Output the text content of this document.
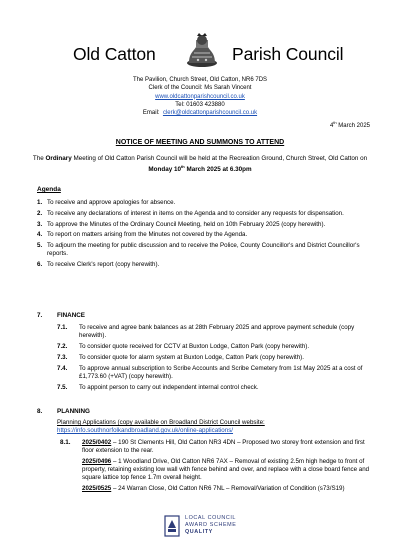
Old Catton	Parish Council
The Pavilion, Church Street, Old Catton, NR6 7DS
Clerk of the Council: Ms Sarah Vincent
www.oldcattonparishcouncil.co.uk
Tel: 01603 423880
Email: clerk@oldcattonparishcouncil.co.uk
4th March 2025
NOTICE OF MEETING AND SUMMONS TO ATTEND
The Ordinary Meeting of Old Catton Parish Council will be held at the Recreation Ground, Church Street, Old Catton on Monday 10th March 2025 at 6.30pm
Agenda
1. To receive and approve apologies for absence.
2. To receive any declarations of interest in items on the Agenda and to consider any requests for dispensation.
3. To approve the Minutes of the Ordinary Council Meeting, held on 10th February 2025 (copy herewith).
4. To report on matters arising from the Minutes not covered by the Agenda.
5. To adjourn the meeting for public discussion and to receive the Police, County Councillor's and District Councillor's reports.
6. To receive Clerk's report (copy herewith).
7. FINANCE
7.1. To receive and agree bank balances as at 28th February 2025 and approve payment schedule (copy herewith).
7.2. To consider quote received for CCTV at Buxton Lodge, Catton Park (copy herewith).
7.3. To consider quote for alarm system at Buxton Lodge, Catton Park (copy herewith).
7.4. To approve annual subscription to Scribe Accounts and Scribe Cemetery from 1st May 2025 at a cost of £1,773.60 (+VAT) (copy herewith).
7.5. To appoint person to carry out independent internal control check.
8. PLANNING
Planning Applications (copy available on Broadland District Council website:
https://info.southnorfolkandbroadland.gov.uk/online-applications/
8.1. 2025/0402 – 190 St Clements Hill, Old Catton NR3 4DN – Proposed two storey front extension and first floor extension to the rear.
2025/0496 – 1 Woodland Drive, Old Catton NR6 7AX – Removal of existing 2.5m high hedge to front of property, retaining existing low wall with fence behind and over, and replace with a close board fence and square lattice top fence 1.7m overall height.
2025/0525 – 24 Warran Close, Old Catton NR6 7NL – Removal/Variation of Condition (s73/S19)
LOCAL COUNCIL
AWARD SCHEME
QUALITY
